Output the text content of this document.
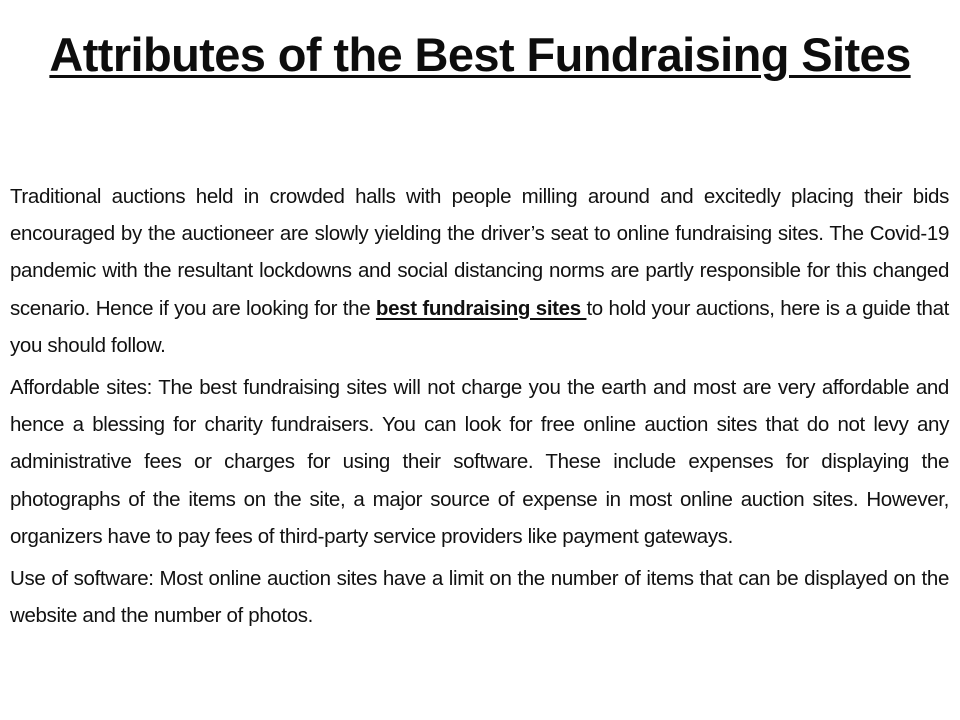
Attributes of the Best Fundraising Sites

Traditional auctions held in crowded halls with people milling around and excitedly placing their bids encouraged by the auctioneer are slowly yielding the driver’s seat to online fundraising sites. The Covid-19 pandemic with the resultant lockdowns and social distancing norms are partly responsible for this changed scenario. Hence if you are looking for the best fundraising sites to hold your auctions, here is a guide that you should follow.

Affordable sites: The best fundraising sites will not charge you the earth and most are very affordable and hence a blessing for charity fundraisers. You can look for free online auction sites that do not levy any administrative fees or charges for using their software. These include expenses for displaying the photographs of the items on the site, a major source of expense in most online auction sites. However, organizers have to pay fees of third-party service providers like payment gateways.

Use of software: Most online auction sites have a limit on the number of items that can be displayed on the website and the number of photos.
